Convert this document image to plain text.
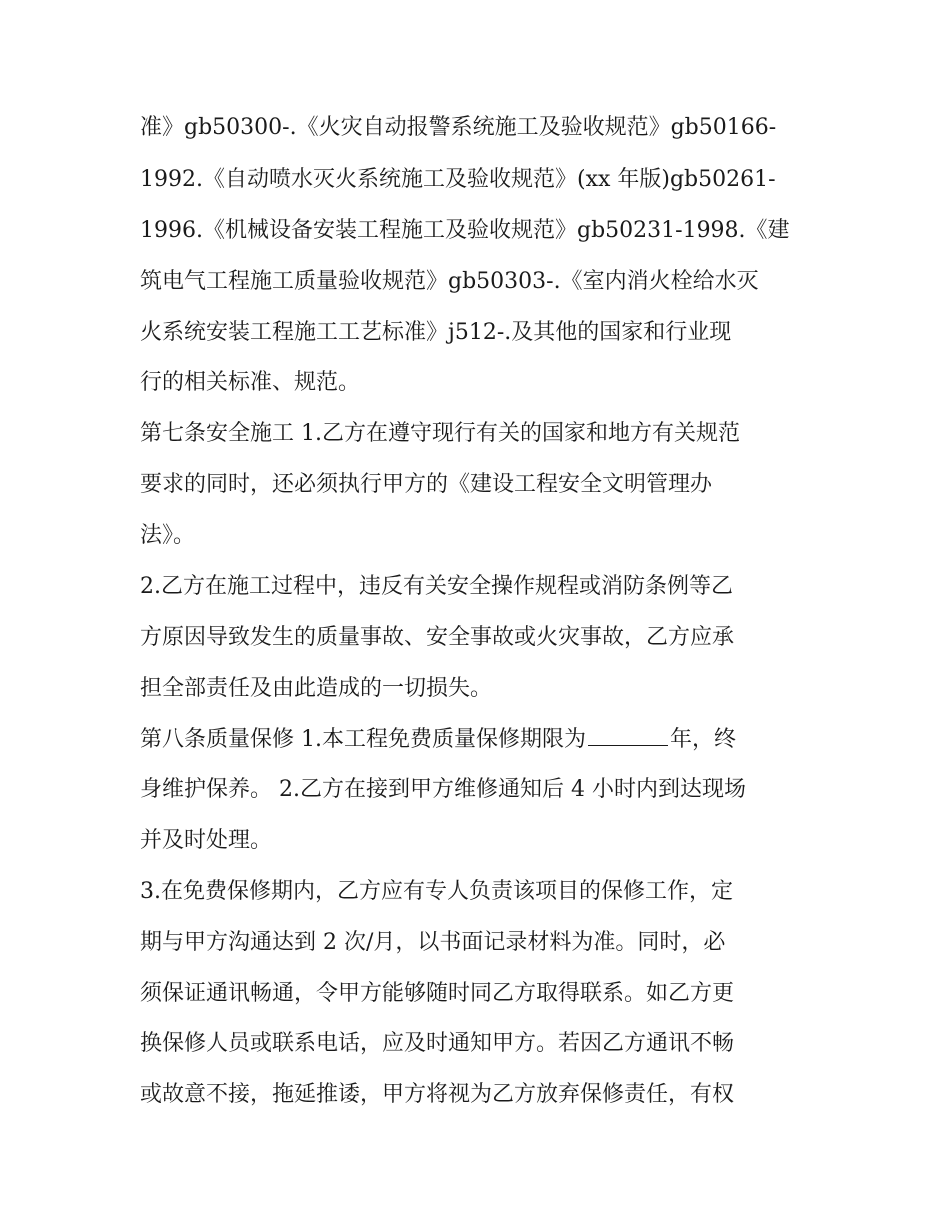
准》gb50300-.《火灾自动报警系统施工及验收规范》gb50166-
1992.《自动喷水灭火系统施工及验收规范》(xx 年版)gb50261-
1996.《机械设备安装工程施工及验收规范》gb50231-1998.《建
筑电气工程施工质量验收规范》gb50303-.《室内消火栓给水灭
火系统安装工程施工工艺标准》j512-.及其他的国家和行业现
行的相关标准、规范。
第七条安全施工 1.乙方在遵守现行有关的国家和地方有关规范
要求的同时，还必须执行甲方的《建设工程安全文明管理办
法》。
2.乙方在施工过程中，违反有关安全操作规程或消防条例等乙
方原因导致发生的质量事故、安全事故或火灾事故，乙方应承
担全部责任及由此造成的一切损失。
第八条质量保修 1.本工程免费质量保修期限为	年，终
身维护保养。 2.乙方在接到甲方维修通知后 4 小时内到达现场
并及时处理。
3.在免费保修期内，乙方应有专人负责该项目的保修工作，定
期与甲方沟通达到 2 次/月，以书面记录材料为准。同时，必
须保证通讯畅通，令甲方能够随时同乙方取得联系。如乙方更
换保修人员或联系电话，应及时通知甲方。若因乙方通讯不畅
或故意不接，拖延推诿，甲方将视为乙方放弃保修责任，有权
